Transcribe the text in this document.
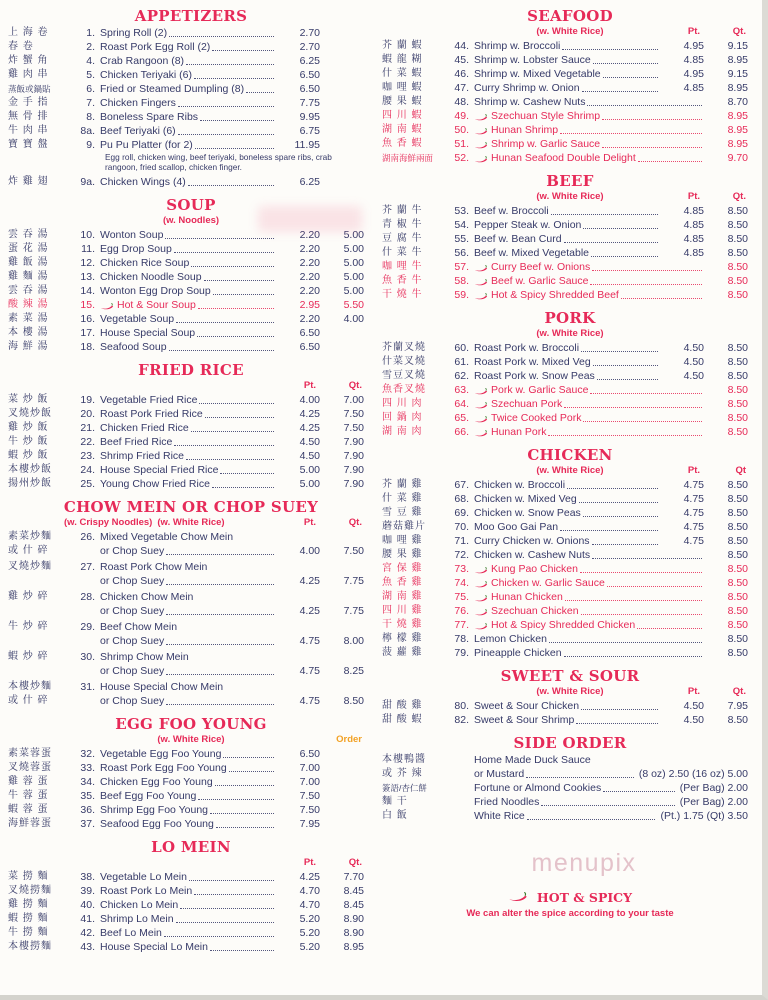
APPETIZERS
上 海 卷	1. Spring Roll (2)	2.70
春 卷	2. Roast Pork Egg Roll (2)	2.70
炸 蟹 角	4. Crab Rangoon (8)	6.25
雞 肉 串	5. Chicken Teriyaki (6)	6.50
蒸飯或鍋貼	6. Fried or Steamed Dumpling (8)	6.50
金 手 指	7. Chicken Fingers	7.75
無 骨 排	8. Boneless Spare Ribs	9.95
牛 肉 串	8a. Beef Teriyaki (6)	6.75
寶 寶 盤	9. Pu Pu Platter (for 2)	11.95
Egg roll, chicken wing, beef teriyaki, boneless spare ribs, crab rangoon, fried scallop, chicken finger.
炸 雞 翅	9a. Chicken Wings (4)	6.25
SOUP
(w. Noodles)
雲 吞 湯	10. Wonton Soup	2.20	5.00
蛋 花 湯	11. Egg Drop Soup	2.20	5.00
雞 飯 湯	12. Chicken Rice Soup	2.20	5.00
雞 麵 湯	13. Chicken Noodle Soup	2.20	5.00
雲 吞 湯	14. Wonton Egg Drop Soup	2.20	5.00
酸 辣 湯	15.	Hot & Sour Soup	2.95	5.50
素 菜 湯	16. Vegetable Soup	2.20	4.00
本 樓 湯	17. House Special Soup	6.50
海 鮮 湯	18. Seafood Soup	6.50
FRIED RICE
Pt.	Qt.
菜 炒 飯	19. Vegetable Fried Rice	4.00	7.00
叉燒炒飯	20. Roast Pork Fried Rice	4.25	7.50
雞 炒 飯	21. Chicken Fried Rice	4.25	7.50
牛 炒 飯	22. Beef Fried Rice	4.50	7.90
蝦 炒 飯	23. Shrimp Fried Rice	4.50	7.90
本樓炒飯	24. House Special Fried Rice	5.00	7.90
揚州炒飯	25. Young Chow Fried Rice	5.00	7.90
CHOW MEIN OR CHOP SUEY
(w. Crispy Noodles) (w. White Rice)	Pt.	Qt.
素菜炒麵	26. Mixed Vegetable Chow Mein
或 什 碎	or Chop Suey	4.00	7.50
叉燒炒麵	27. Roast Pork Chow Mein
or Chop Suey	4.25	7.75
雞 炒 碎	28. Chicken Chow Mein
or Chop Suey	4.25	7.75
牛 炒 碎	29. Beef Chow Mein
or Chop Suey	4.75	8.00
蝦 炒 碎	30. Shrimp Chow Mein
or Chop Suey	4.75	8.25
本樓炒麵	31. House Special Chow Mein
或 什 碎	or Chop Suey	4.75	8.50
EGG FOO YOUNG
(w. White Rice)	Order
素菜蓉蛋	32. Vegetable Egg Foo Young	6.50
叉燒蓉蛋	33. Roast Pork Egg Foo Young	7.00
雞 蓉 蛋	34. Chicken Egg Foo Young	7.00
牛 蓉 蛋	35. Beef Egg Foo Young	7.50
蝦 蓉 蛋	36. Shrimp Egg Foo Young	7.50
海鮮蓉蛋	37. Seafood Egg Foo Young	7.95
LO MEIN
Pt.	Qt.
菜 撈 麵	38. Vegetable Lo Mein	4.25	7.70
叉燒撈麵	39. Roast Pork Lo Mein	4.70	8.45
雞 撈 麵	40. Chicken Lo Mein	4.70	8.45
蝦 撈 麵	41. Shrimp Lo Mein	5.20	8.90
牛 撈 麵	42. Beef Lo Mein	5.20	8.90
本樓撈麵	43. House Special Lo Mein	5.20	8.95
SEAFOOD
(w. White Rice)	Pt.	Qt.
芥 蘭 蝦	44. Shrimp w. Broccoli	4.95	9.15
蝦 龍 糊	45. Shrimp w. Lobster Sauce	4.85	8.95
什 菜 蝦	46. Shrimp w. Mixed Vegetable	4.95	9.15
咖 哩 蝦	47. Curry Shrimp w. Onion	4.85	8.95
腰 果 蝦	48. Shrimp w. Cashew Nuts	8.70
四 川 蝦	49.	Szechuan Style Shrimp	8.95
湖 南 蝦	50.	Hunan Shrimp	8.95
魚 香 蝦	51.	Shrimp w. Garlic Sauce	8.95
湖南海鮮兩面	52.	Hunan Seafood Double Delight	9.70
BEEF
(w. White Rice)	Pt.	Qt.
芥 蘭 牛	53. Beef w. Broccoli	4.85	8.50
青 椒 牛	54. Pepper Steak w. Onion	4.85	8.50
豆 腐 牛	55. Beef w. Bean Curd	4.85	8.50
什 菜 牛	56. Beef w. Mixed Vegetable	4.85	8.50
咖 哩 牛	57.	Curry Beef w. Onions	8.50
魚 香 牛	58.	Beef w. Garlic Sauce	8.50
干 燒 牛	59.	Hot & Spicy Shredded Beef	8.50
PORK
(w. White Rice)
芥蘭叉燒	60. Roast Pork w. Broccoli	4.50	8.50
什菜叉燒	61. Roast Pork w. Mixed Veg	4.50	8.50
雪豆叉燒	62. Roast Pork w. Snow Peas	4.50	8.50
魚香叉燒	63.	Pork w. Garlic Sauce	8.50
四 川 肉	64.	Szechuan Pork	8.50
回 鍋 肉	65.	Twice Cooked Pork	8.50
湖 南 肉	66.	Hunan Pork	8.50
CHICKEN
(w. White Rice)	Pt.	Qt
芥 蘭 雞	67. Chicken w. Broccoli	4.75	8.50
什 菜 雞	68. Chicken w. Mixed Veg	4.75	8.50
雪 豆 雞	69. Chicken w. Snow Peas	4.75	8.50
蘑菇雞片	70. Moo Goo Gai Pan	4.75	8.50
咖 哩 雞	71. Curry Chicken w. Onions	4.75	8.50
腰 果 雞	72. Chicken w. Cashew Nuts	8.50
宮 保 雞	73.	Kung Pao Chicken	8.50
魚 香 雞	74.	Chicken w. Garlic Sauce	8.50
湖 南 雞	75.	Hunan Chicken	8.50
四 川 雞	76.	Szechuan Chicken	8.50
干 燒 雞	77.	Hot & Spicy Shredded Chicken	8.50
檸 檬 雞	78. Lemon Chicken	8.50
菠 蘿 雞	79. Pineapple Chicken	8.50
SWEET & SOUR
(w. White Rice)	Pt.	Qt.
甜 酸 雞	80. Sweet & Sour Chicken	4.50	7.95
甜 酸 蝦	82. Sweet & Sour Shrimp	4.50	8.50
SIDE ORDER
本樓鴨醬	Home Made Duck Sauce
或 芥 辣	or Mustard	(8 oz) 2.50 (16 oz) 5.00
簽語/杏仁餅	Fortune or Almond Cookies	(Per Bag) 2.00
麵 干	Fried Noodles	(Per Bag) 2.00
白 飯	White Rice	(Pt.) 1.75 (Qt) 3.50
menupix
HOT & SPICY
We can alter the spice according to your taste
